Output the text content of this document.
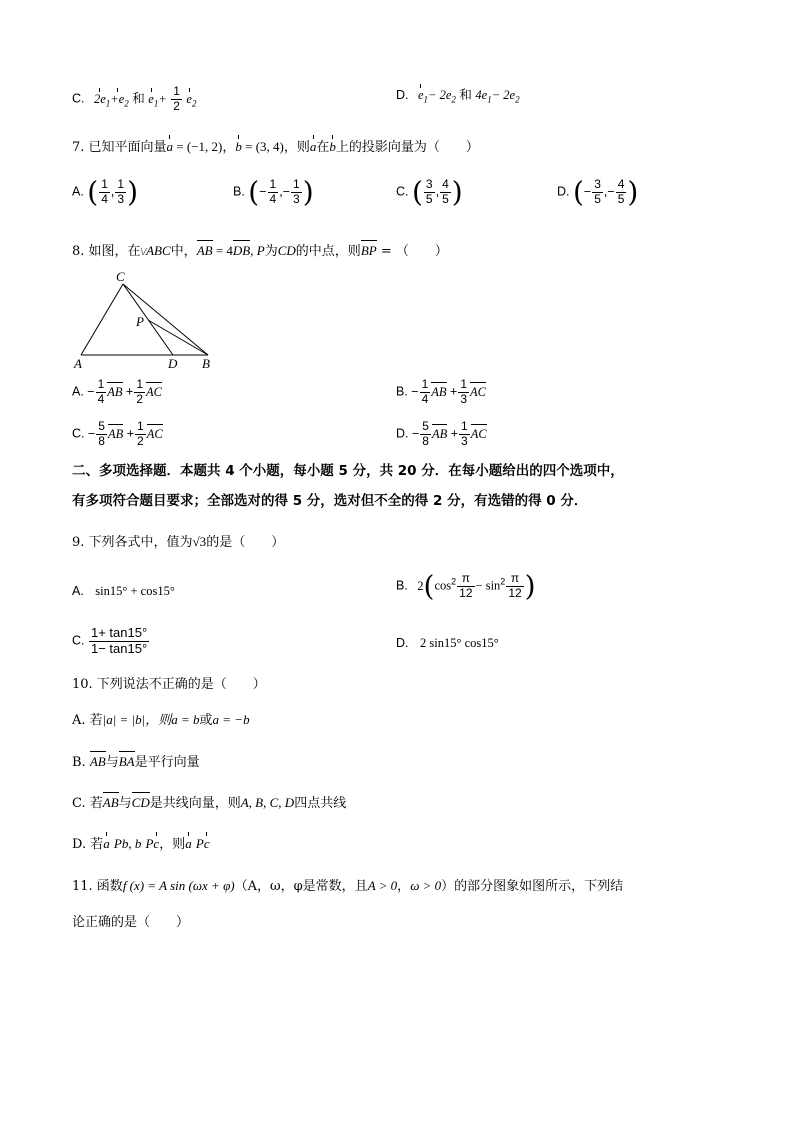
C. $2e_1+e_2$ 和 $e_1+ \frac{1}{2} e_2$
D. $e_1- 2e_2$ 和 $4e_1- 2e_2$
7. 已知平面向量a = (−1, 2)，b = (3, 4)，则a在b上的投影向量为（　　）
A. ( $\frac{1}{4}$ , $\frac{1}{3}$ )	B. (− $\frac{1}{4}$ ,− $\frac{1}{3}$ )	C. ( $\frac{3}{5}$ , $\frac{4}{5}$ )	D. (− $\frac{3}{5}$ ,− $\frac{4}{5}$ )
8. 如图，在\/ABC中，AB = 4DB, P为CD的中点，则BP = （　　）
C
P
A	D B
A. − $\frac{1}{4}$ AB + $\frac{1}{2}$ AC	B. − $\frac{1}{4}$ AB + $\frac{1}{3}$ AC
C. − $\frac{5}{8}$ AB + $\frac{1}{2}$ AC	D. − $\frac{5}{8}$ AB + $\frac{1}{3}$ AC
二、多项选择题．本题共 4 个小题，每小题 5 分，共 20 分．在每小题给出的四个选项中，
有多项符合题目要求；全部选对的得 5 分，选对但不全的得 2 分，有选错的得 0 分．
9. 下列各式中，值为√3的是（　　）
A. sin15° + cos15°	B. $2(\cos^2 \frac{\pi}{12} - \sin^2 \frac{\pi}{12}$ )
C. $\frac{1+ \tan 15^\circ}{1- \tan 15^\circ}$	D. 2 sin15° cos15°
10. 下列说法不正确的是（　　）
A. 若|a| = |b|，则a = b或a = −b
B. AB与BA是平行向量
C. 若AB与CD是共线向量，则A, B, C, D四点共线
D. 若a Pb, b Pc，则a Pc
11. 函数f (x) = A sin (ωx + φ)（A，ω，φ是常数，且A > 0，ω > 0）的部分图象如图所示，下列结
论正确的是（　　）
